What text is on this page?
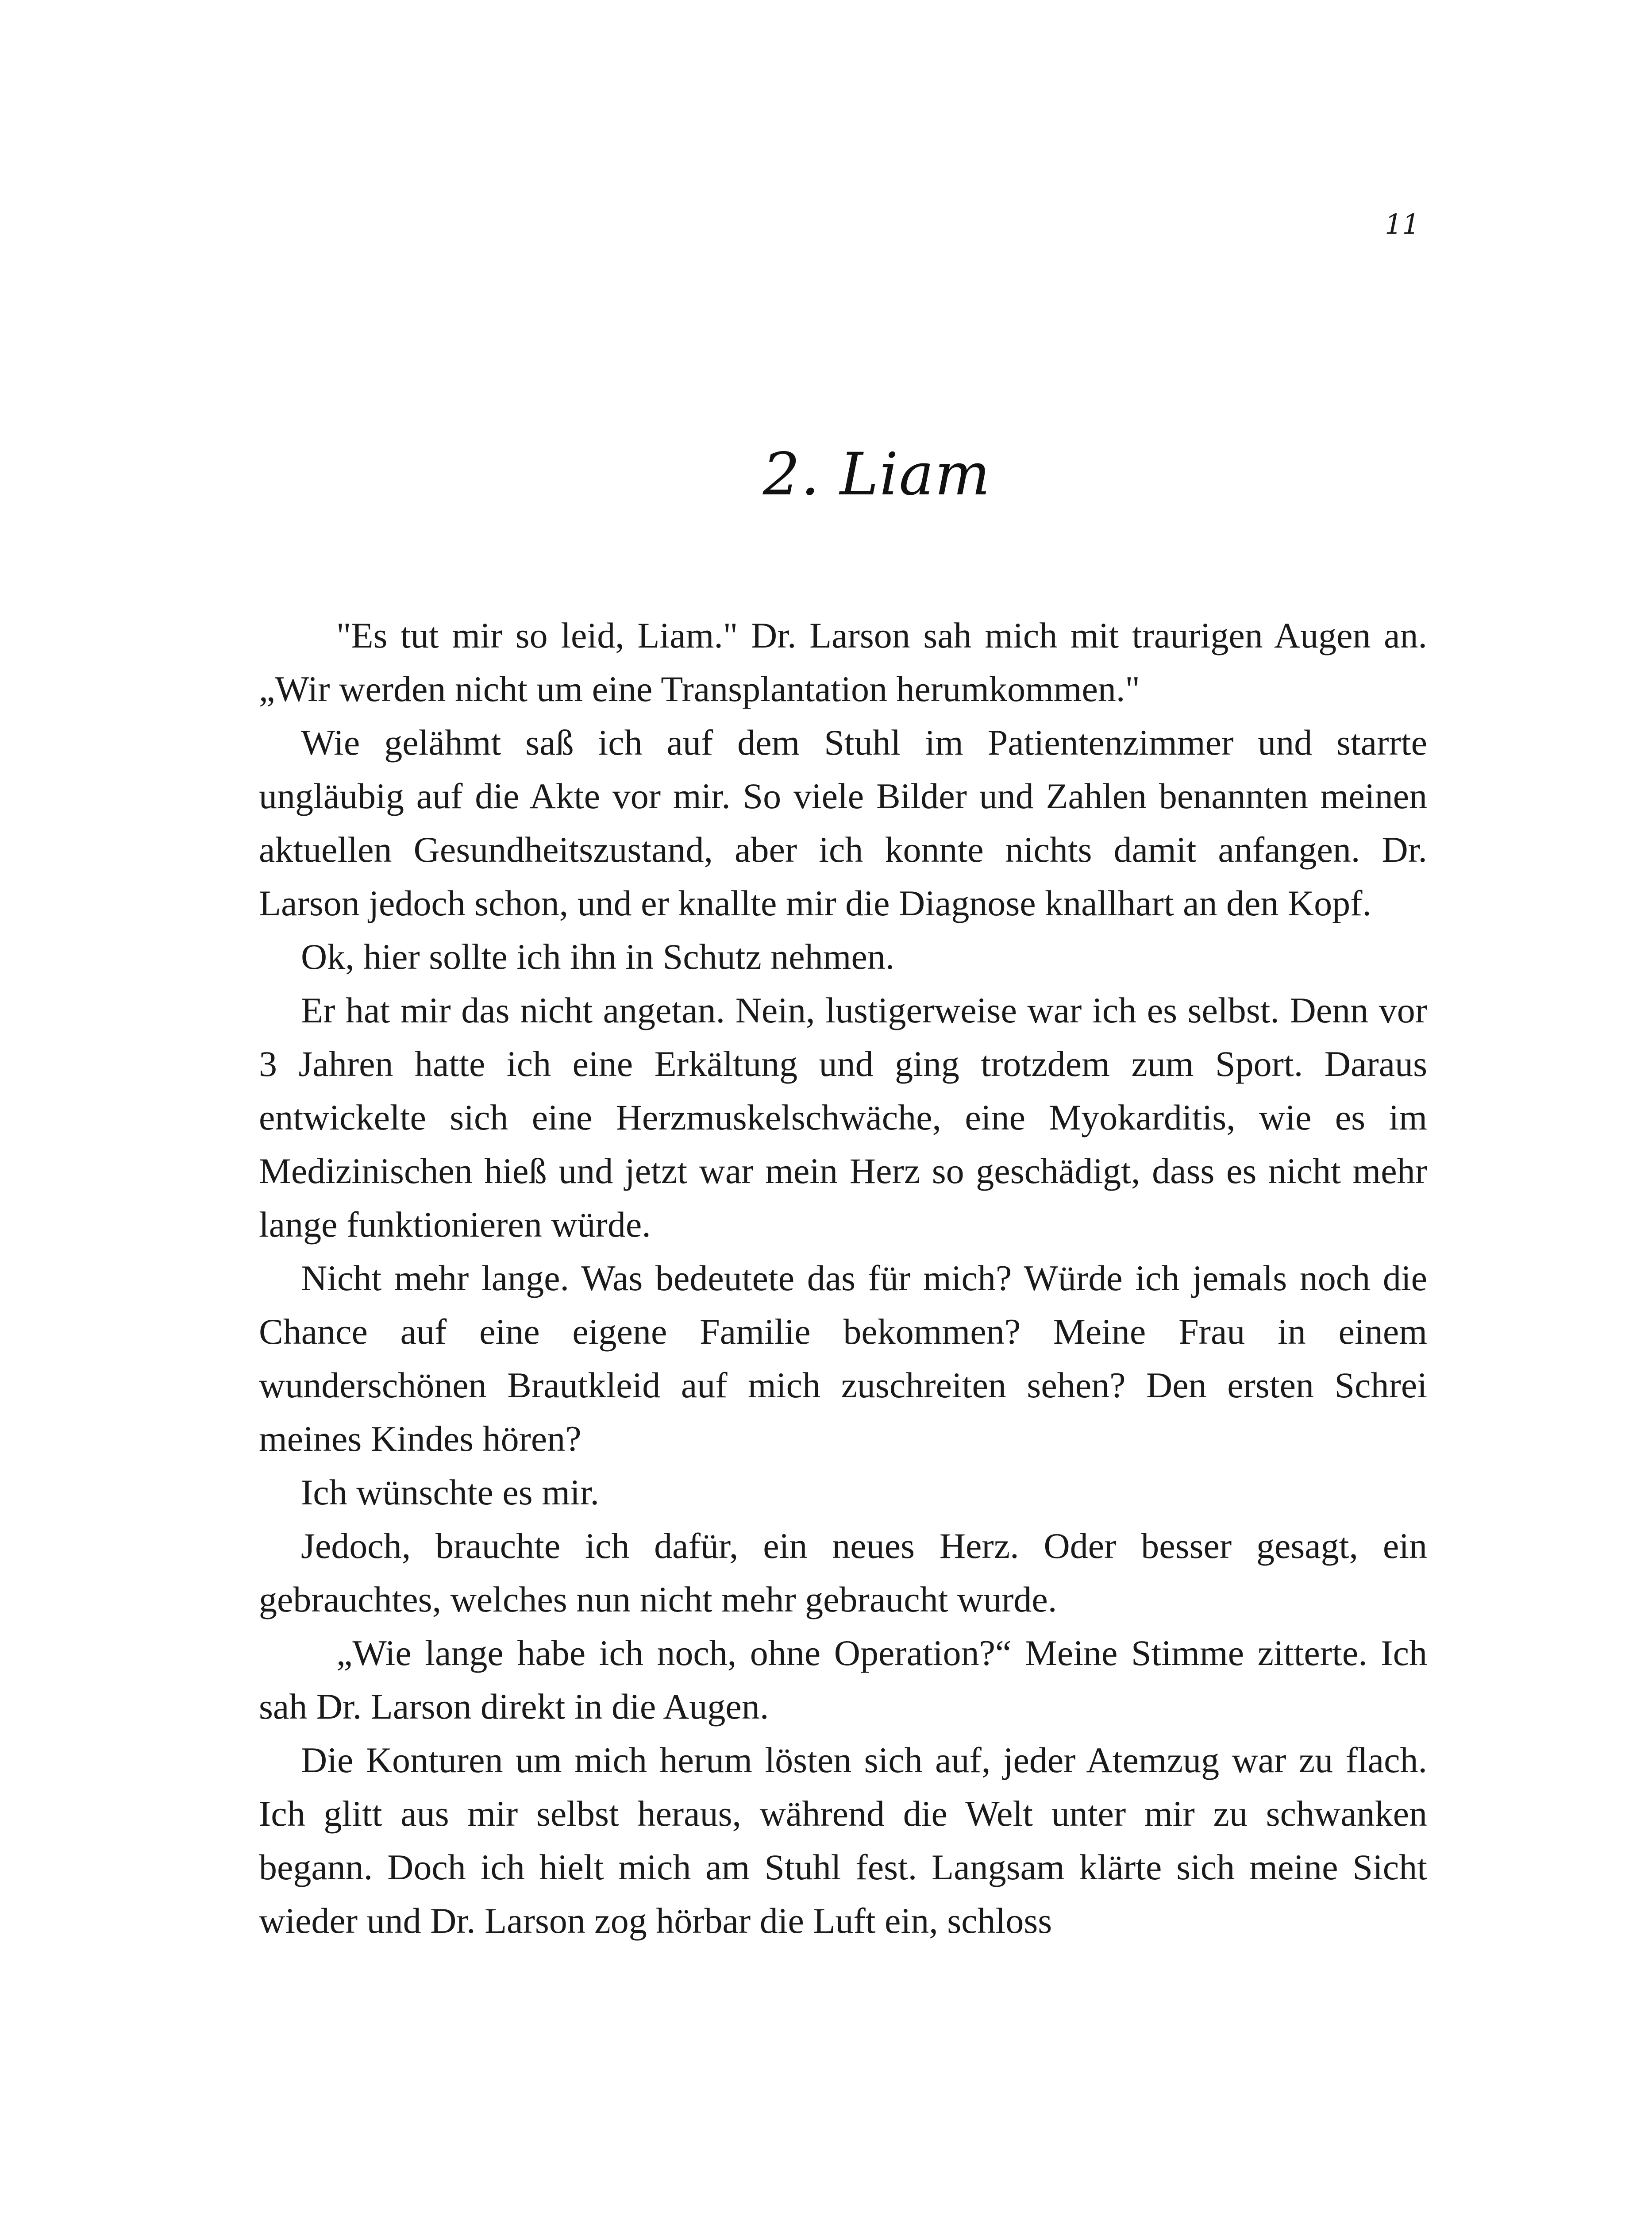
11
2. Liam

"Es tut mir so leid, Liam." Dr. Larson sah mich mit traurigen Augen an. „Wir werden nicht um eine Transplantation herumkommen."

Wie gelähmt saß ich auf dem Stuhl im Patientenzimmer und starrte ungläubig auf die Akte vor mir. So viele Bilder und Zahlen benannten meinen aktuellen Gesundheitszustand, aber ich konnte nichts damit anfangen. Dr. Larson jedoch schon, und er knallte mir die Diagnose knallhart an den Kopf.

Ok, hier sollte ich ihn in Schutz nehmen.

Er hat mir das nicht angetan. Nein, lustigerweise war ich es selbst. Denn vor 3 Jahren hatte ich eine Erkältung und ging trotzdem zum Sport. Daraus entwickelte sich eine Herzmuskelschwäche, eine Myokarditis, wie es im Medizinischen hieß und jetzt war mein Herz so geschädigt, dass es nicht mehr lange funktionieren würde.

Nicht mehr lange. Was bedeutete das für mich? Würde ich jemals noch die Chance auf eine eigene Familie bekommen? Meine Frau in einem wunderschönen Brautkleid auf mich zuschreiten sehen? Den ersten Schrei meines Kindes hören?

Ich wünschte es mir.

Jedoch, brauchte ich dafür, ein neues Herz. Oder besser gesagt, ein gebrauchtes, welches nun nicht mehr gebraucht wurde.

„Wie lange habe ich noch, ohne Operation?“ Meine Stimme zitterte. Ich sah Dr. Larson direkt in die Augen.

Die Konturen um mich herum lösten sich auf, jeder Atemzug war zu flach. Ich glitt aus mir selbst heraus, während die Welt unter mir zu schwanken begann. Doch ich hielt mich am Stuhl fest. Langsam klärte sich meine Sicht wieder und Dr. Larson zog hörbar die Luft ein, schloss
